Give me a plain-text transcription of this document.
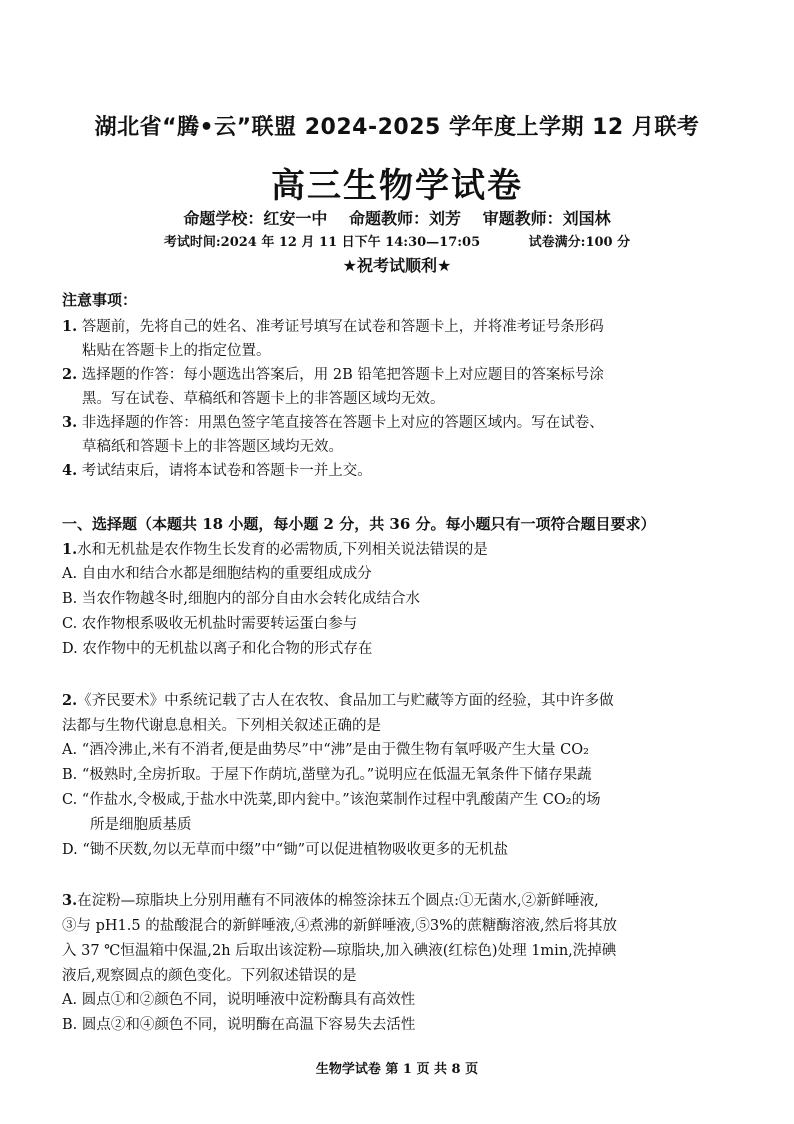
湖北省“腾•云”联盟 2024-2025 学年度上学期 12 月联考
高三生物学试卷
命题学校：红安一中 命题教师：刘芳 审题教师：刘国林
考试时间:2024 年 12 月 11 日下午 14:30—17:05	试卷满分:100 分
★祝考试顺利★
注意事项：
1. 答题前，先将自己的姓名、准考证号填写在试卷和答题卡上，并将准考证号条形码
粘贴在答题卡上的指定位置。
2. 选择题的作答：每小题选出答案后，用 2B 铅笔把答题卡上对应题目的答案标号涂
黑。写在试卷、草稿纸和答题卡上的非答题区域均无效。
3. 非选择题的作答：用黑色签字笔直接答在答题卡上对应的答题区域内。写在试卷、
草稿纸和答题卡上的非答题区域均无效。
4. 考试结束后，请将本试卷和答题卡一并上交。
一、选择题（本题共 18 小题，每小题 2 分，共 36 分。每小题只有一项符合题目要求）
1.水和无机盐是农作物生长发育的必需物质,下列相关说法错误的是
A. 自由水和结合水都是细胞结构的重要组成成分
B. 当农作物越冬时,细胞内的部分自由水会转化成结合水
C. 农作物根系吸收无机盐时需要转运蛋白参与
D. 农作物中的无机盐以离子和化合物的形式存在
2.《齐民要术》中系统记载了古人在农牧、食品加工与贮藏等方面的经验，其中许多做
法都与生物代谢息息相关。下列相关叙述正确的是
A. “酒冷沸止,米有不消者,便是曲势尽”中“沸”是由于微生物有氧呼吸产生大量 CO₂
B. “极熟时,全房折取。于屋下作荫坑,凿壁为孔。”说明应在低温无氧条件下储存果蔬
C. “作盐水,令极咸,于盐水中洗菜,即内瓮中。”该泡菜制作过程中乳酸菌产生 CO₂的场
所是细胞质基质
D. “锄不厌数,勿以无草而中缀”中“锄”可以促进植物吸收更多的无机盐
3.在淀粉—琼脂块上分别用蘸有不同液体的棉签涂抹五个圆点:①无菌水,②新鲜唾液,
③与 pH1.5 的盐酸混合的新鲜唾液,④煮沸的新鲜唾液,⑤3%的蔗糖酶溶液,然后将其放
入 37 ℃恒温箱中保温,2h 后取出该淀粉—琼脂块,加入碘液(红棕色)处理 1min,洗掉碘
液后,观察圆点的颜色变化。下列叙述错误的是
A. 圆点①和②颜色不同，说明唾液中淀粉酶具有高效性
B. 圆点②和④颜色不同，说明酶在高温下容易失去活性
生物学试卷 第 1 页 共 8 页
